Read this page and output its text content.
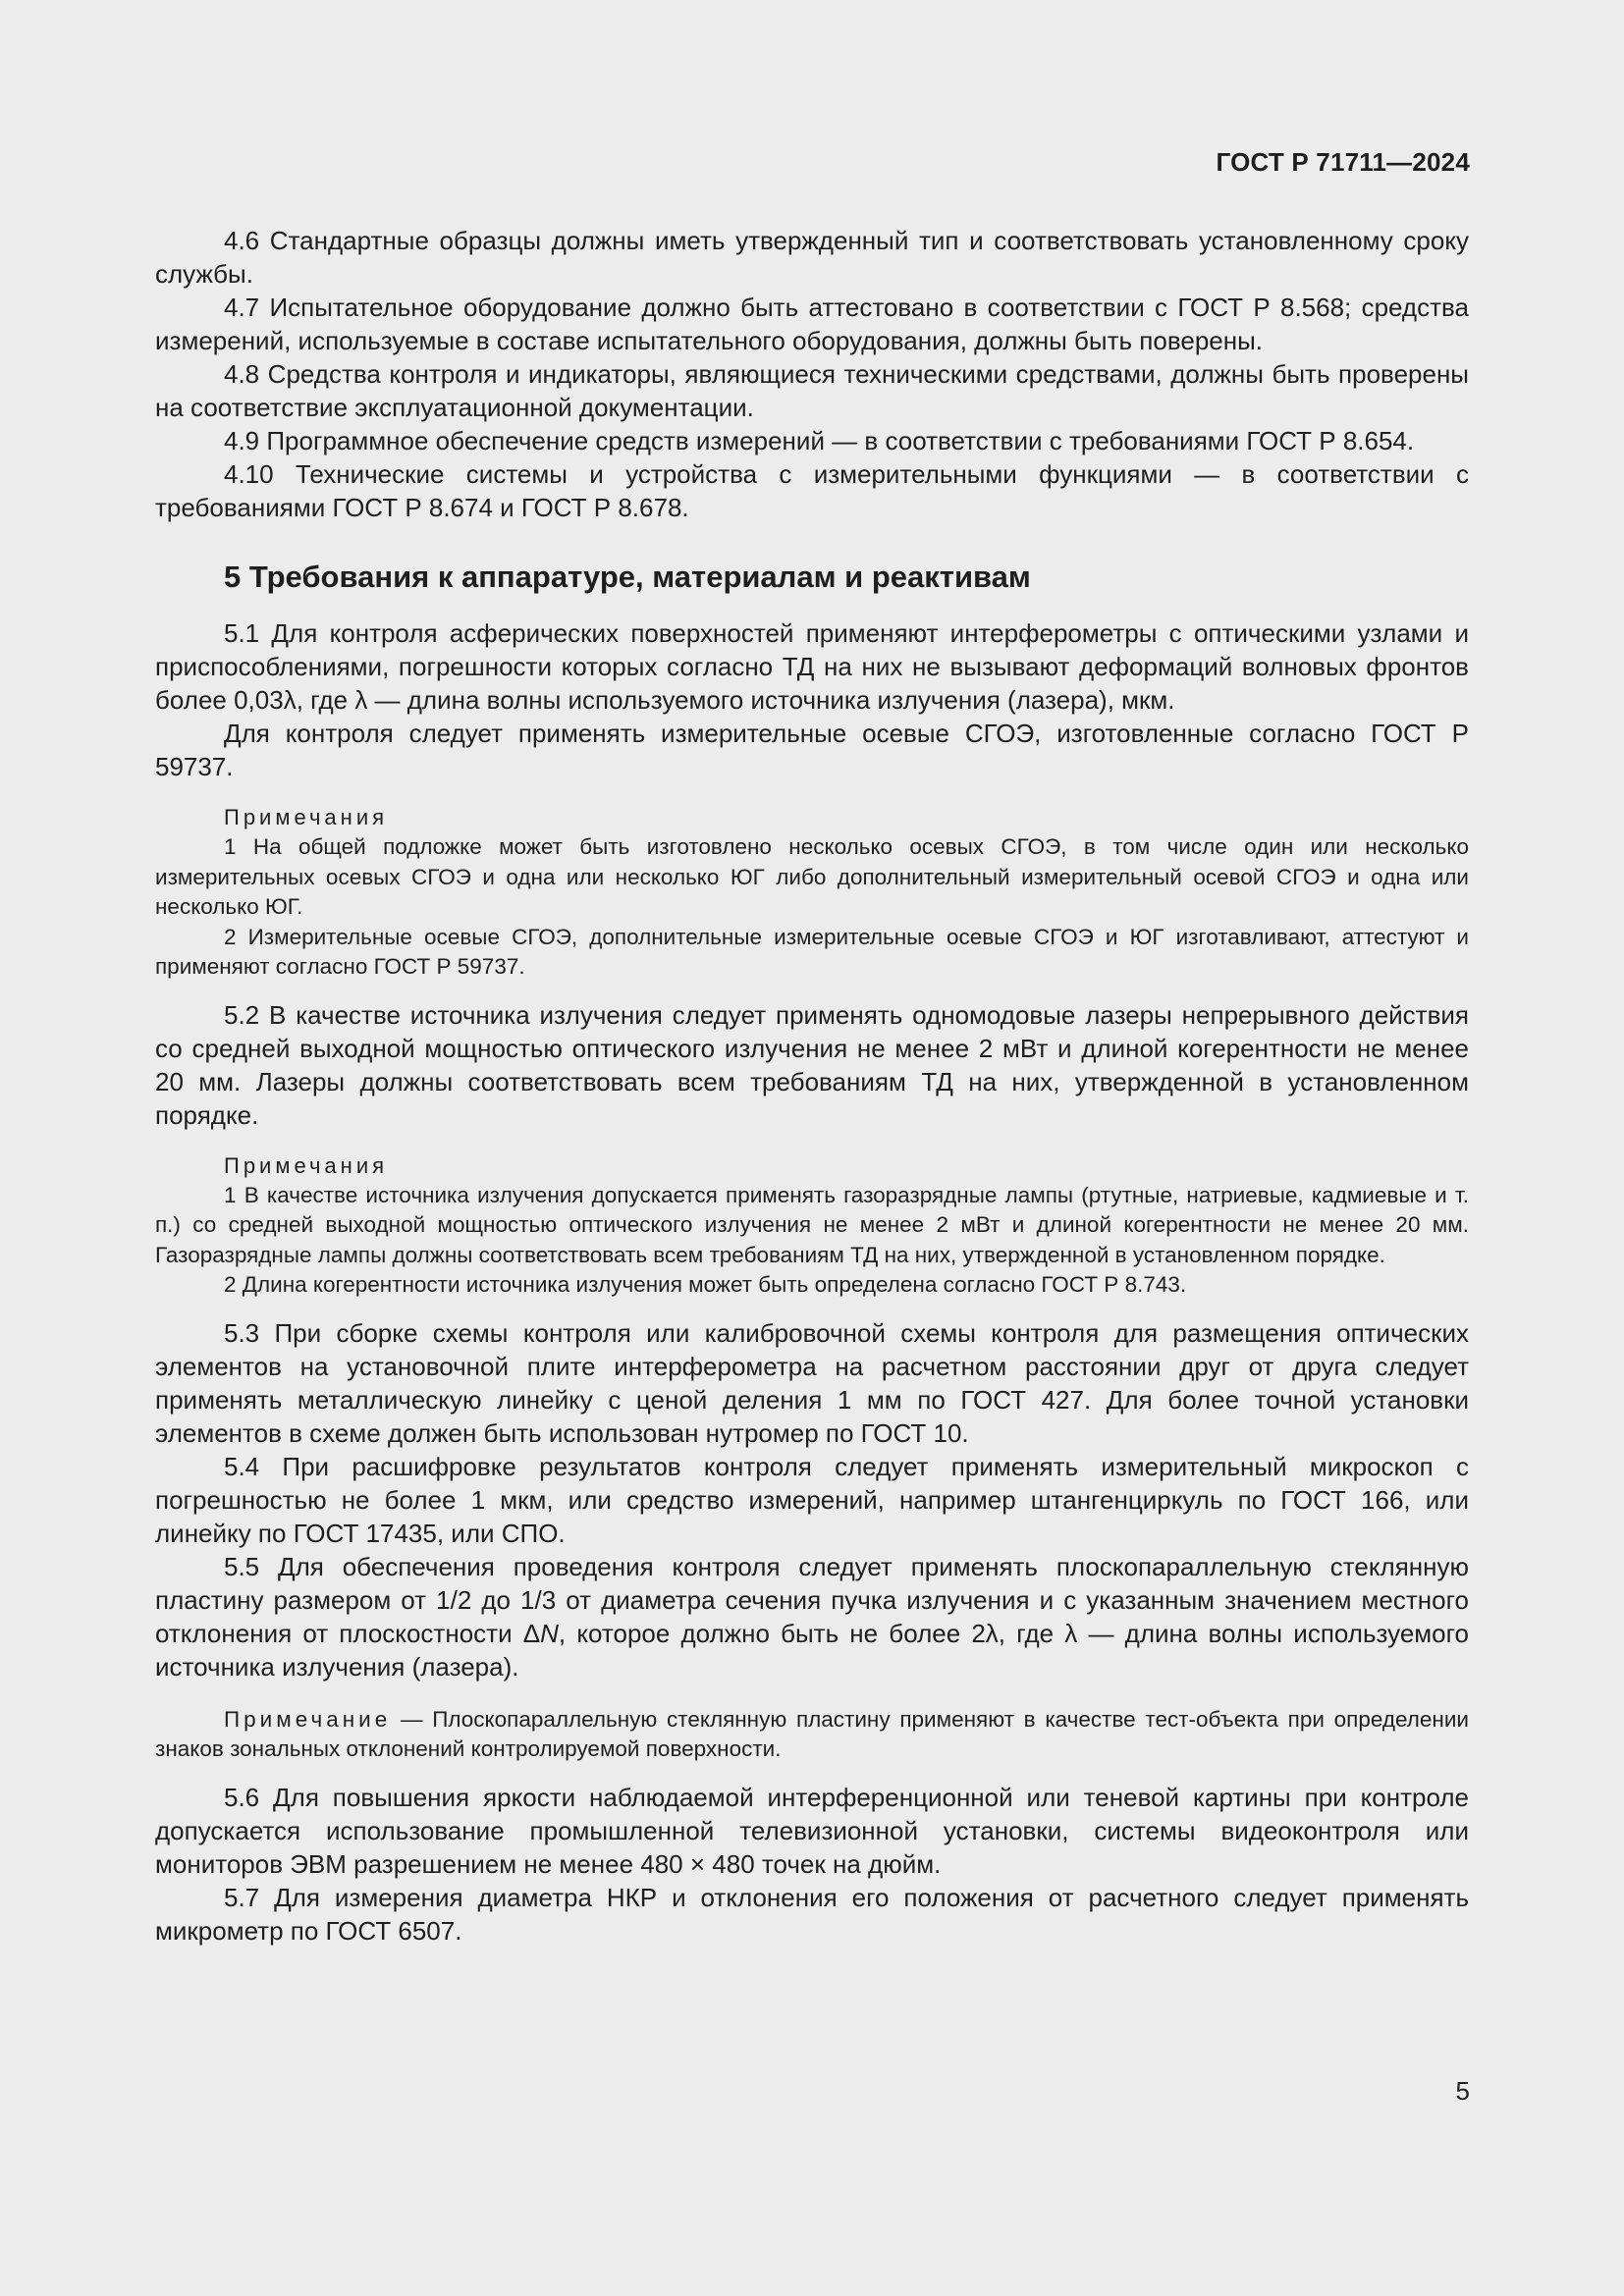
ГОСТ Р 71711—2024

4.6 Стандартные образцы должны иметь утвержденный тип и соответствовать установленному сроку службы.

4.7 Испытательное оборудование должно быть аттестовано в соответствии с ГОСТ Р 8.568; средства измерений, используемые в составе испытательного оборудования, должны быть поверены.

4.8 Средства контроля и индикаторы, являющиеся техническими средствами, должны быть проверены на соответствие эксплуатационной документации.

4.9 Программное обеспечение средств измерений — в соответствии с требованиями ГОСТ Р 8.654.

4.10 Технические системы и устройства с измерительными функциями — в соответствии с требованиями ГОСТ Р 8.674 и ГОСТ Р 8.678.

5 Требования к аппаратуре, материалам и реактивам

5.1 Для контроля асферических поверхностей применяют интерферометры с оптическими узлами и приспособлениями, погрешности которых согласно ТД на них не вызывают деформаций волновых фронтов более 0,03λ, где λ — длина волны используемого источника излучения (лазера), мкм.

Для контроля следует применять измерительные осевые СГОЭ, изготовленные согласно ГОСТ Р 59737.

Примечания

1 На общей подложке может быть изготовлено несколько осевых СГОЭ, в том числе один или несколько измерительных осевых СГОЭ и одна или несколько ЮГ либо дополнительный измерительный осевой СГОЭ и одна или несколько ЮГ.

2 Измерительные осевые СГОЭ, дополнительные измерительные осевые СГОЭ и ЮГ изготавливают, аттестуют и применяют согласно ГОСТ Р 59737.

5.2 В качестве источника излучения следует применять одномодовые лазеры непрерывного действия со средней выходной мощностью оптического излучения не менее 2 мВт и длиной когерентности не менее 20 мм. Лазеры должны соответствовать всем требованиям ТД на них, утвержденной в установленном порядке.

Примечания

1 В качестве источника излучения допускается применять газоразрядные лампы (ртутные, натриевые, кадмиевые и т. п.) со средней выходной мощностью оптического излучения не менее 2 мВт и длиной когерентности не менее 20 мм. Газоразрядные лампы должны соответствовать всем требованиям ТД на них, утвержденной в установленном порядке.

2 Длина когерентности источника излучения может быть определена согласно ГОСТ Р 8.743.

5.3 При сборке схемы контроля или калибровочной схемы контроля для размещения оптических элементов на установочной плите интерферометра на расчетном расстоянии друг от друга следует применять металлическую линейку с ценой деления 1 мм по ГОСТ 427. Для более точной установки элементов в схеме должен быть использован нутромер по ГОСТ 10.

5.4 При расшифровке результатов контроля следует применять измерительный микроскоп с погрешностью не более 1 мкм, или средство измерений, например штангенциркуль по ГОСТ 166, или линейку по ГОСТ 17435, или СПО.

5.5 Для обеспечения проведения контроля следует применять плоскопараллельную стеклянную пластину размером от 1/2 до 1/3 от диаметра сечения пучка излучения и с указанным значением местного отклонения от плоскостности ΔN, которое должно быть не более 2λ, где λ — длина волны используемого источника излучения (лазера).

Примечание — Плоскопараллельную стеклянную пластину применяют в качестве тест-объекта при определении знаков зональных отклонений контролируемой поверхности.

5.6 Для повышения яркости наблюдаемой интерференционной или теневой картины при контроле допускается использование промышленной телевизионной установки, системы видеоконтроля или мониторов ЭВМ разрешением не менее 480 × 480 точек на дюйм.

5.7 Для измерения диаметра НКР и отклонения его положения от расчетного следует применять микрометр по ГОСТ 6507.

5
